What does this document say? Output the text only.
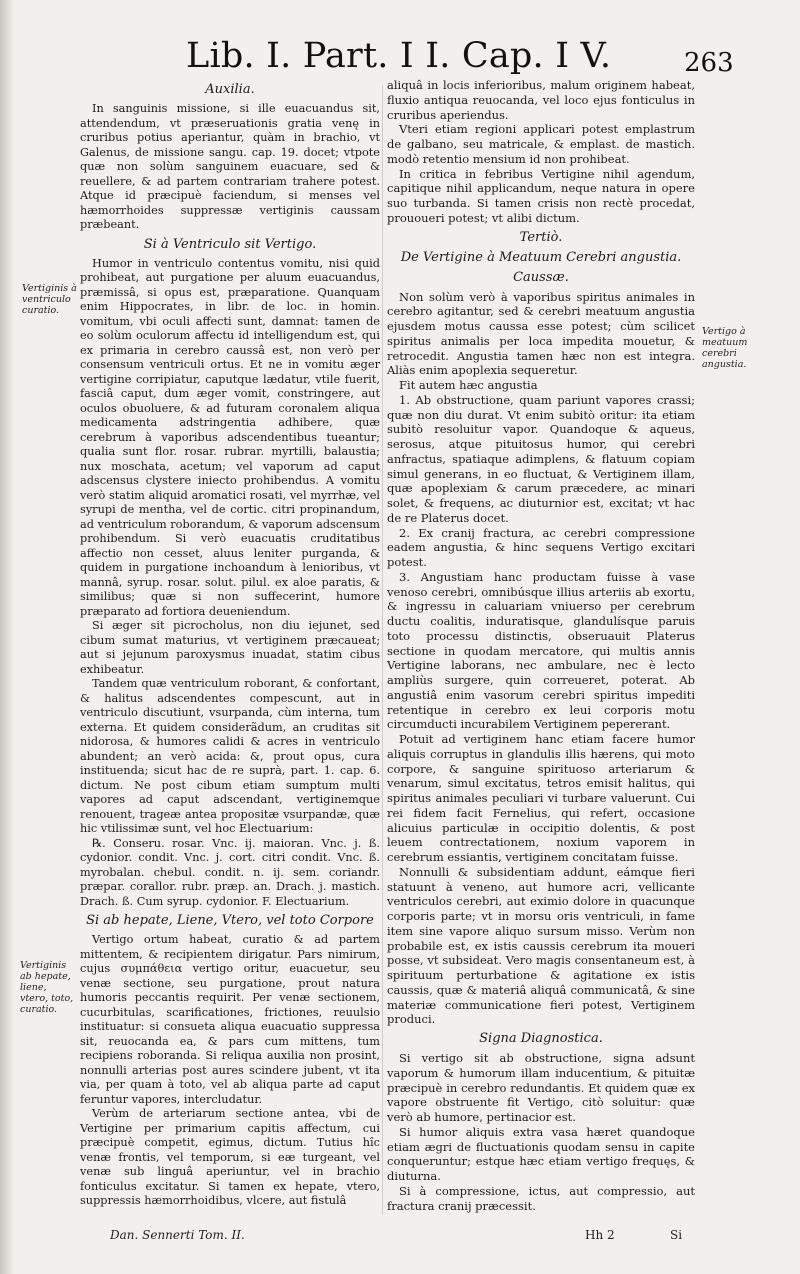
Lib. I. Part. I I. Cap. I V.	263
Auxilia.

In sanguinis missione, si ille euacuandus sit, attendendum, vt præseruationis gratia venę in cruribus potius aperiantur, quàm in brachio, vt Galenus, de missione sangu. cap. 19. docet; vtpote quæ non solùm sanguinem euacuare, sed & reuellere, & ad partem contrariam trahere potest. Atque id præcipuè faciendum, si menses vel hæmorrhoides suppressæ vertiginis caussam præbeant.

Si à Ventriculo sit Vertigo.

Humor in ventriculo contentus vomitu, nisi quid prohibeat, aut purgatione per aluum euacuandus, præmissâ, si opus est, præparatione. Quanquam enim Hippocrates, in libr. de loc. in homin. vomitum, vbi oculi affecti sunt, damnat: tamen de eo solùm oculorum affectu id intelligendum est, qui ex primaria in cerebro caussâ est, non verò per consensum ventriculi ortus. Et ne in vomitu æger vertigine corripiatur, caputque lædatur, vtile fuerit, fasciâ caput, dum æger vomit, constringere, aut oculos obuoluere, & ad futuram coronalem aliqua medicamenta adstringentia adhibere, quæ cerebrum à vaporibus adscendentibus tueantur; qualia sunt flor. rosar. rubrar. myrtilli, balaustia; nux moschata, acetum; vel vaporum ad caput adscensus clystere iniecto prohibendus. A vomitu verò statim aliquid aromatici rosati, vel myrrhæ, vel syrupi de mentha, vel de cortic. citri propinandum, ad ventriculum roborandum, & vaporum adscensum prohibendum. Si verò euacuatis cruditatibus affectio non cesset, aluus leniter purganda, & quidem in purgatione inchoandum à lenioribus, vt mannâ, syrup. rosar. solut. pilul. ex aloe paratis, & similibus; quæ si non suffecerint, humore præparato ad fortiora deueniendum.

Si æger sit picrocholus, non diu iejunet, sed cibum sumat maturius, vt vertiginem præcaueat; aut si jejunum paroxysmus inuadat, statim cibus exhibeatur.

Tandem quæ ventriculum roborant, & confortant, & halitus adscendentes compescunt, aut in ventriculo discutiunt, vsurpanda, cùm interna, tum externa. Et quidem considerãdum, an cruditas sit nidorosa, & humores calidi & acres in ventriculo abundent; an verò acida: &, prout opus, cura instituenda; sicut hac de re suprà, part. 1. cap. 6. dictum. Ne post cibum etiam sumptum multi vapores ad caput adscendant, vertiginemque renouent, trageæ antea propositæ vsurpandæ, quæ hic vtilissimæ sunt, vel hoc Electuarium:

℞. Conseru. rosar. Vnc. ij. maioran. Vnc. j. ß. cydonior. condit. Vnc. j. cort. citri condit. Vnc. ß. myrobalan. chebul. condit. n. ij. sem. coriandr. præpar. corallor. rubr. præp. an. Drach. j. mastich. Drach. ß. Cum syrup. cydonior. F. Electuarium.

Si ab hepate, Liene, Vtero, vel toto Corpore

Vertigo ortum habeat, curatio & ad partem mittentem, & recipientem dirigatur. Pars nimirum, cujus συμπάθεια vertigo oritur, euacuetur, seu venæ sectione, seu purgatione, prout natura humoris peccantis requirit. Per venæ sectionem, cucurbitulas, scarificationes, frictiones, reuulsio instituatur: si consueta aliqua euacuatio suppressa sit, reuocanda ea, & pars cum mittens, tum recipiens roboranda. Si reliqua auxilia non prosint, nonnulli arterias post aures scindere jubent, vt ita via, per quam à toto, vel ab aliqua parte ad caput feruntur vapores, intercludatur.

Verùm de arteriarum sectione antea, vbi de Vertigine per primarium capitis affectum, cui præcipuè competit, egimus, dictum. Tutius hîc venæ frontis, vel temporum, si eæ turgeant, vel venæ sub linguâ aperiuntur, vel in brachio fonticulus excitatur. Si tamen ex hepate, vtero, suppressis hæmorrhoidibus, vlcere, aut fistulâ

aliquâ in locis inferioribus, malum originem habeat, fluxio antiqua reuocanda, vel loco ejus fonticulus in cruribus aperiendus.

Vteri etiam regioni applicari potest emplastrum de galbano, seu matricale, & emplast. de mastich. modò retentio mensium id non prohibeat.

In critica in febribus Vertigine nihil agendum, capitique nihil applicandum, neque natura in opere suo turbanda. Si tamen crisis non rectè procedat, prououeri potest; vt alibi dictum.

Tertiò.
De Vertigine à Meatuum Cerebri angustia.
Caussæ.

Non solùm verò à vaporibus spiritus animales in cerebro agitantur, sed & cerebri meatuum angustia ejusdem motus caussa esse potest; cùm scilicet spiritus animalis per loca impedita mouetur, & retrocedit. Angustia tamen hæc non est integra. Aliàs enim apoplexia sequeretur.

Fit autem hæc angustia

1. Ab obstructione, quam pariunt vapores crassi; quæ non diu durat. Vt enim subitò oritur: ita etiam subitò resoluitur vapor. Quandoque & aqueus, serosus, atque pituitosus humor, qui cerebri anfractus, spatiaque adimplens, & flatuum copiam simul generans, in eo fluctuat, & Vertiginem illam, quæ apoplexiam & carum præcedere, ac minari solet, & frequens, ac diuturnior est, excitat; vt hac de re Platerus docet.

2. Ex cranij fractura, ac cerebri compressione eadem angustia, & hinc sequens Vertigo excitari potest.

3. Angustiam hanc productam fuisse à vase venoso cerebri, omnibúsque illius arteriis ab exortu, & ingressu in caluariam vniuerso per cerebrum ductu coalitis, induratisque, glandulísque paruis toto processu distinctis, obseruauit Platerus sectione in quodam mercatore, qui multis annis Vertigine laborans, nec ambulare, nec è lecto ampliùs surgere, quin correueret, poterat. Ab angustiâ enim vasorum cerebri spiritus impediti retentique in cerebro ex leui corporis motu circumducti incurabilem Vertiginem pepererant.

Potuit ad vertiginem hanc etiam facere humor aliquis corruptus in glandulis illis hærens, qui moto corpore, & sanguine spirituoso arteriarum & venarum, simul excitatus, tetros emisit halitus, qui spiritus animales peculiari vi turbare valuerunt. Cui rei fidem facit Fernelius, qui refert, occasione alicuius particulæ in occipitio dolentis, & post leuem contrectationem, noxium vaporem in cerebrum essiantis, vertiginem concitatam fuisse.

Nonnulli & subsidentiam addunt, eámque fieri statuunt à veneno, aut humore acri, vellicante ventriculos cerebri, aut eximio dolore in quacunque corporis parte; vt in morsu oris ventriculi, in fame item sine vapore aliquo sursum misso. Verùm non probabile est, ex istis caussis cerebrum ita moueri posse, vt subsideat. Vero magis consentaneum est, à spirituum perturbatione & agitatione ex istis caussis, quæ & materiâ aliquâ communicatâ, & sine materiæ communicatione fieri potest, Vertiginem produci.

Signa Diagnostica.

Si vertigo sit ab obstructione, signa adsunt vaporum & humorum illam inducentium, & pituitæ præcipuè in cerebro redundantis. Et quidem quæ ex vapore obstruente fit Vertigo, citò soluitur: quæ verò ab humore, pertinacior est.

Si humor aliquis extra vasa hæret quandoque etiam ægri de fluctuationis quodam sensu in capite conqueruntur; estque hæc etiam vertigo frequęs, & diuturna.

Si à compressione, ictus, aut compressio, aut fractura cranij præcessit.

Vertiginis à ventriculo curatio.
Vertigo à meatuum cerebri angustia.
Vertiginis ab hepate, liene, vtero, toto, curatio.
Dan. Sennerti Tom. II.	Hh 2	Si
